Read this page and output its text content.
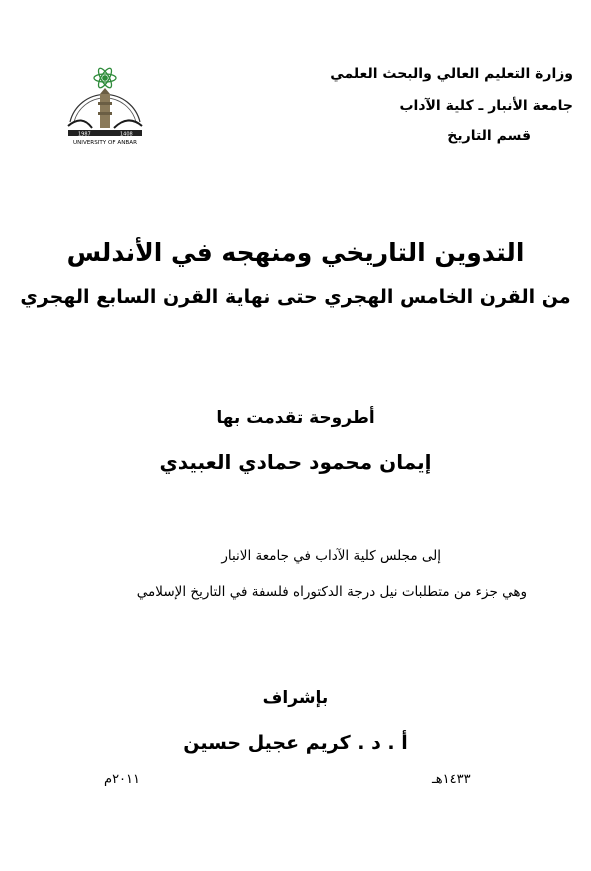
1987	1408
UNIVERSITY OF ANBAR
وزارة التعليم العالي والبحث العلمي
جامعة الأنبار ـ كلية الآداب
قسم التاريخ
التدوين التاريخي ومنهجه في الأندلس
من القرن الخامس الهجري حتى نهاية القرن السابع الهجري
أطروحة تقدمت بها
إيمان محمود حمادي العبيدي
إلى مجلس كلية الآداب في جامعة الانبار
وهي جزء من متطلبات نيل درجة الدكتوراه فلسفة في التاريخ الإسلامي
بإشراف
أ . د . كريم عجيل حسين
١٤٣٣هـ
٢٠١١م
